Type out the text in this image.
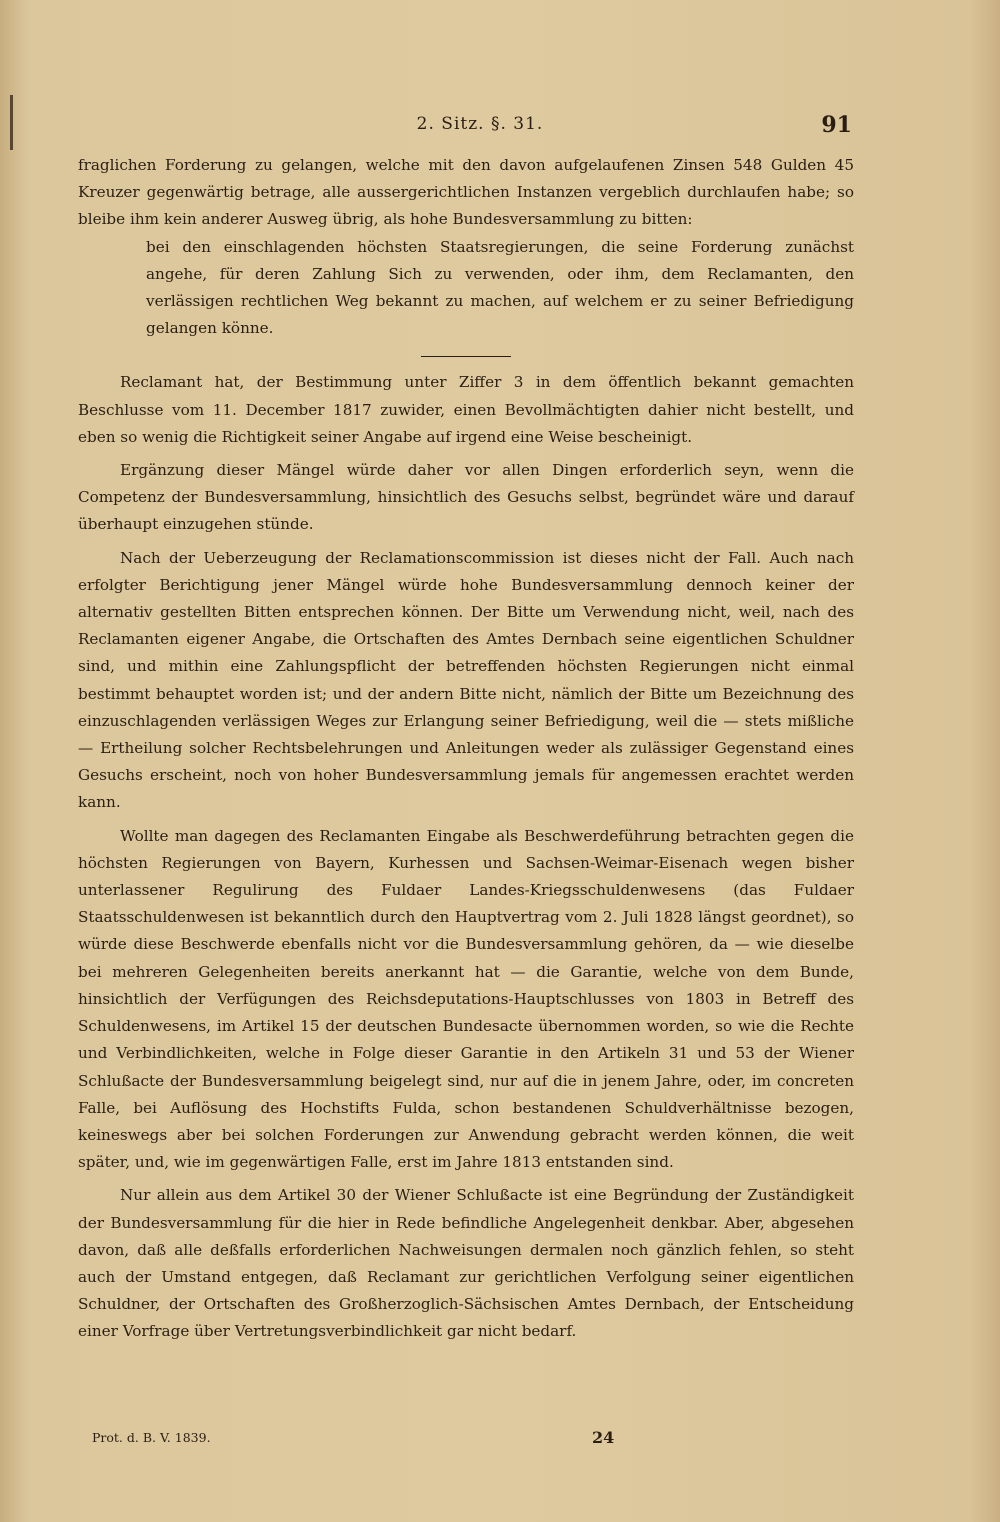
2. Sitz. §. 31.	91

fraglichen Forderung zu gelangen, welche mit den davon aufgelaufenen Zinsen 548 Gulden 45 Kreuzer gegenwärtig betrage, alle aussergerichtlichen Instanzen vergeblich durchlaufen habe; so bleibe ihm kein anderer Ausweg übrig, als hohe Bundesversammlung zu bitten:

bei den einschlagenden höchsten Staatsregierungen, die seine Forderung zunächst angehe, für deren Zahlung Sich zu verwenden, oder ihm, dem Reclamanten, den verlässigen rechtlichen Weg bekannt zu machen, auf welchem er zu seiner Befriedigung gelangen könne.

Reclamant hat, der Bestimmung unter Ziffer 3 in dem öffentlich bekannt gemachten Beschlusse vom 11. December 1817 zuwider, einen Bevollmächtigten dahier nicht bestellt, und eben so wenig die Richtigkeit seiner Angabe auf irgend eine Weise bescheinigt.

Ergänzung dieser Mängel würde daher vor allen Dingen erforderlich seyn, wenn die Competenz der Bundesversammlung, hinsichtlich des Gesuchs selbst, begründet wäre und darauf überhaupt einzugehen stünde.

Nach der Ueberzeugung der Reclamationscommission ist dieses nicht der Fall. Auch nach erfolgter Berichtigung jener Mängel würde hohe Bundesversammlung dennoch keiner der alternativ gestellten Bitten entsprechen können. Der Bitte um Verwendung nicht, weil, nach des Reclamanten eigener Angabe, die Ortschaften des Amtes Dernbach seine eigentlichen Schuldner sind, und mithin eine Zahlungspflicht der betreffenden höchsten Regierungen nicht einmal bestimmt behauptet worden ist; und der andern Bitte nicht, nämlich der Bitte um Bezeichnung des einzuschlagenden verlässigen Weges zur Erlangung seiner Befriedigung, weil die — stets mißliche — Ertheilung solcher Rechtsbelehrungen und Anleitungen weder als zulässiger Gegenstand eines Gesuchs erscheint, noch von hoher Bundesversammlung jemals für angemessen erachtet werden kann.

Wollte man dagegen des Reclamanten Eingabe als Beschwerdeführung betrachten gegen die höchsten Regierungen von Bayern, Kurhessen und Sachsen-Weimar-Eisenach wegen bisher unterlassener Regulirung des Fuldaer Landes-Kriegsschuldenwesens (das Fuldaer Staatsschuldenwesen ist bekanntlich durch den Hauptvertrag vom 2. Juli 1828 längst geordnet), so würde diese Beschwerde ebenfalls nicht vor die Bundesversammlung gehören, da — wie dieselbe bei mehreren Gelegenheiten bereits anerkannt hat — die Garantie, welche von dem Bunde, hinsichtlich der Verfügungen des Reichsdeputations-Hauptschlusses von 1803 in Betreff des Schuldenwesens, im Artikel 15 der deutschen Bundesacte übernommen worden, so wie die Rechte und Verbindlichkeiten, welche in Folge dieser Garantie in den Artikeln 31 und 53 der Wiener Schlußacte der Bundesversammlung beigelegt sind, nur auf die in jenem Jahre, oder, im concreten Falle, bei Auflösung des Hochstifts Fulda, schon bestandenen Schuldverhältnisse bezogen, keineswegs aber bei solchen Forderungen zur Anwendung gebracht werden können, die weit später, und, wie im gegenwärtigen Falle, erst im Jahre 1813 entstanden sind.

Nur allein aus dem Artikel 30 der Wiener Schlußacte ist eine Begründung der Zuständigkeit der Bundesversammlung für die hier in Rede befindliche Angelegenheit denkbar. Aber, abgesehen davon, daß alle deßfalls erforderlichen Nachweisungen dermalen noch gänzlich fehlen, so steht auch der Umstand entgegen, daß Reclamant zur gerichtlichen Verfolgung seiner eigentlichen Schuldner, der Ortschaften des Großherzoglich-Sächsischen Amtes Dernbach, der Entscheidung einer Vorfrage über Vertretungsverbindlichkeit gar nicht bedarf.

Prot. d. B. V. 1839.	24
